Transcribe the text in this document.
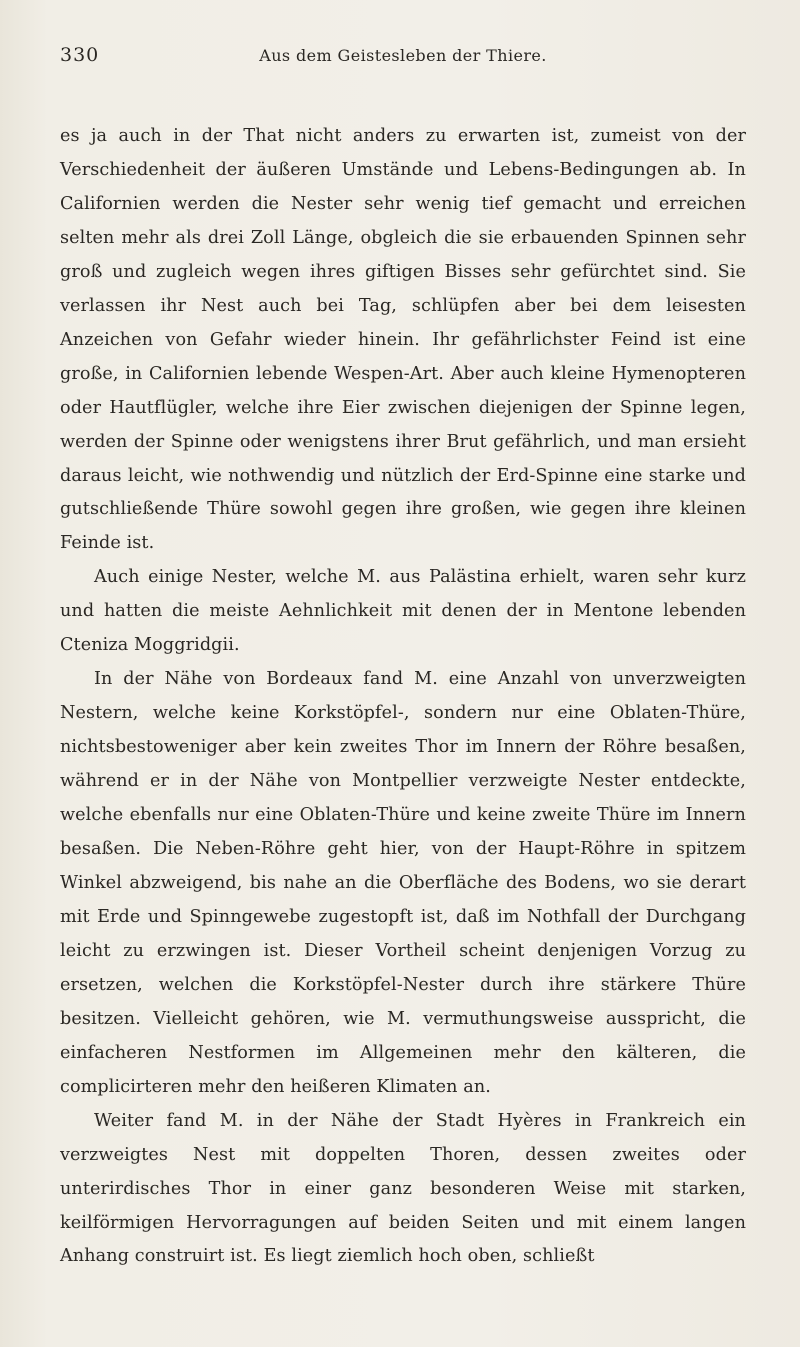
330	Aus dem Geistesleben der Thiere.

es ja auch in der That nicht anders zu erwarten ist, zumeist von der Verschiedenheit der äußeren Umstände und Lebens-Bedingungen ab. In Californien werden die Nester sehr wenig tief gemacht und erreichen selten mehr als drei Zoll Länge, obgleich die sie erbauenden Spinnen sehr groß und zugleich wegen ihres giftigen Bisses sehr gefürchtet sind. Sie verlassen ihr Nest auch bei Tag, schlüpfen aber bei dem leisesten Anzeichen von Gefahr wieder hinein. Ihr gefährlichster Feind ist eine große, in Californien lebende Wespen-Art. Aber auch kleine Hymenopteren oder Hautflügler, welche ihre Eier zwischen diejenigen der Spinne legen, werden der Spinne oder wenigstens ihrer Brut gefährlich, und man ersieht daraus leicht, wie nothwendig und nützlich der Erd-Spinne eine starke und gutschließende Thüre sowohl gegen ihre großen, wie gegen ihre kleinen Feinde ist.

Auch einige Nester, welche M. aus Palästina erhielt, waren sehr kurz und hatten die meiste Aehnlichkeit mit denen der in Mentone lebenden Cteniza Moggridgii.

In der Nähe von Bordeaux fand M. eine Anzahl von unverzweigten Nestern, welche keine Korkstöpfel-, sondern nur eine Oblaten-Thüre, nichtsbestoweniger aber kein zweites Thor im Innern der Röhre besaßen, während er in der Nähe von Montpellier verzweigte Nester entdeckte, welche ebenfalls nur eine Oblaten-Thüre und keine zweite Thüre im Innern besaßen. Die Neben-Röhre geht hier, von der Haupt-Röhre in spitzem Winkel abzweigend, bis nahe an die Oberfläche des Bodens, wo sie derart mit Erde und Spinngewebe zugestopft ist, daß im Nothfall der Durchgang leicht zu erzwingen ist. Dieser Vortheil scheint denjenigen Vorzug zu ersetzen, welchen die Korkstöpfel-Nester durch ihre stärkere Thüre besitzen. Vielleicht gehören, wie M. vermuthungsweise ausspricht, die einfacheren Nestformen im Allgemeinen mehr den kälteren, die complicirteren mehr den heißeren Klimaten an.

Weiter fand M. in der Nähe der Stadt Hyères in Frankreich ein verzweigtes Nest mit doppelten Thoren, dessen zweites oder unterirdisches Thor in einer ganz besonderen Weise mit starken, keilförmigen Hervorragungen auf beiden Seiten und mit einem langen Anhang construirt ist. Es liegt ziemlich hoch oben, schließt
